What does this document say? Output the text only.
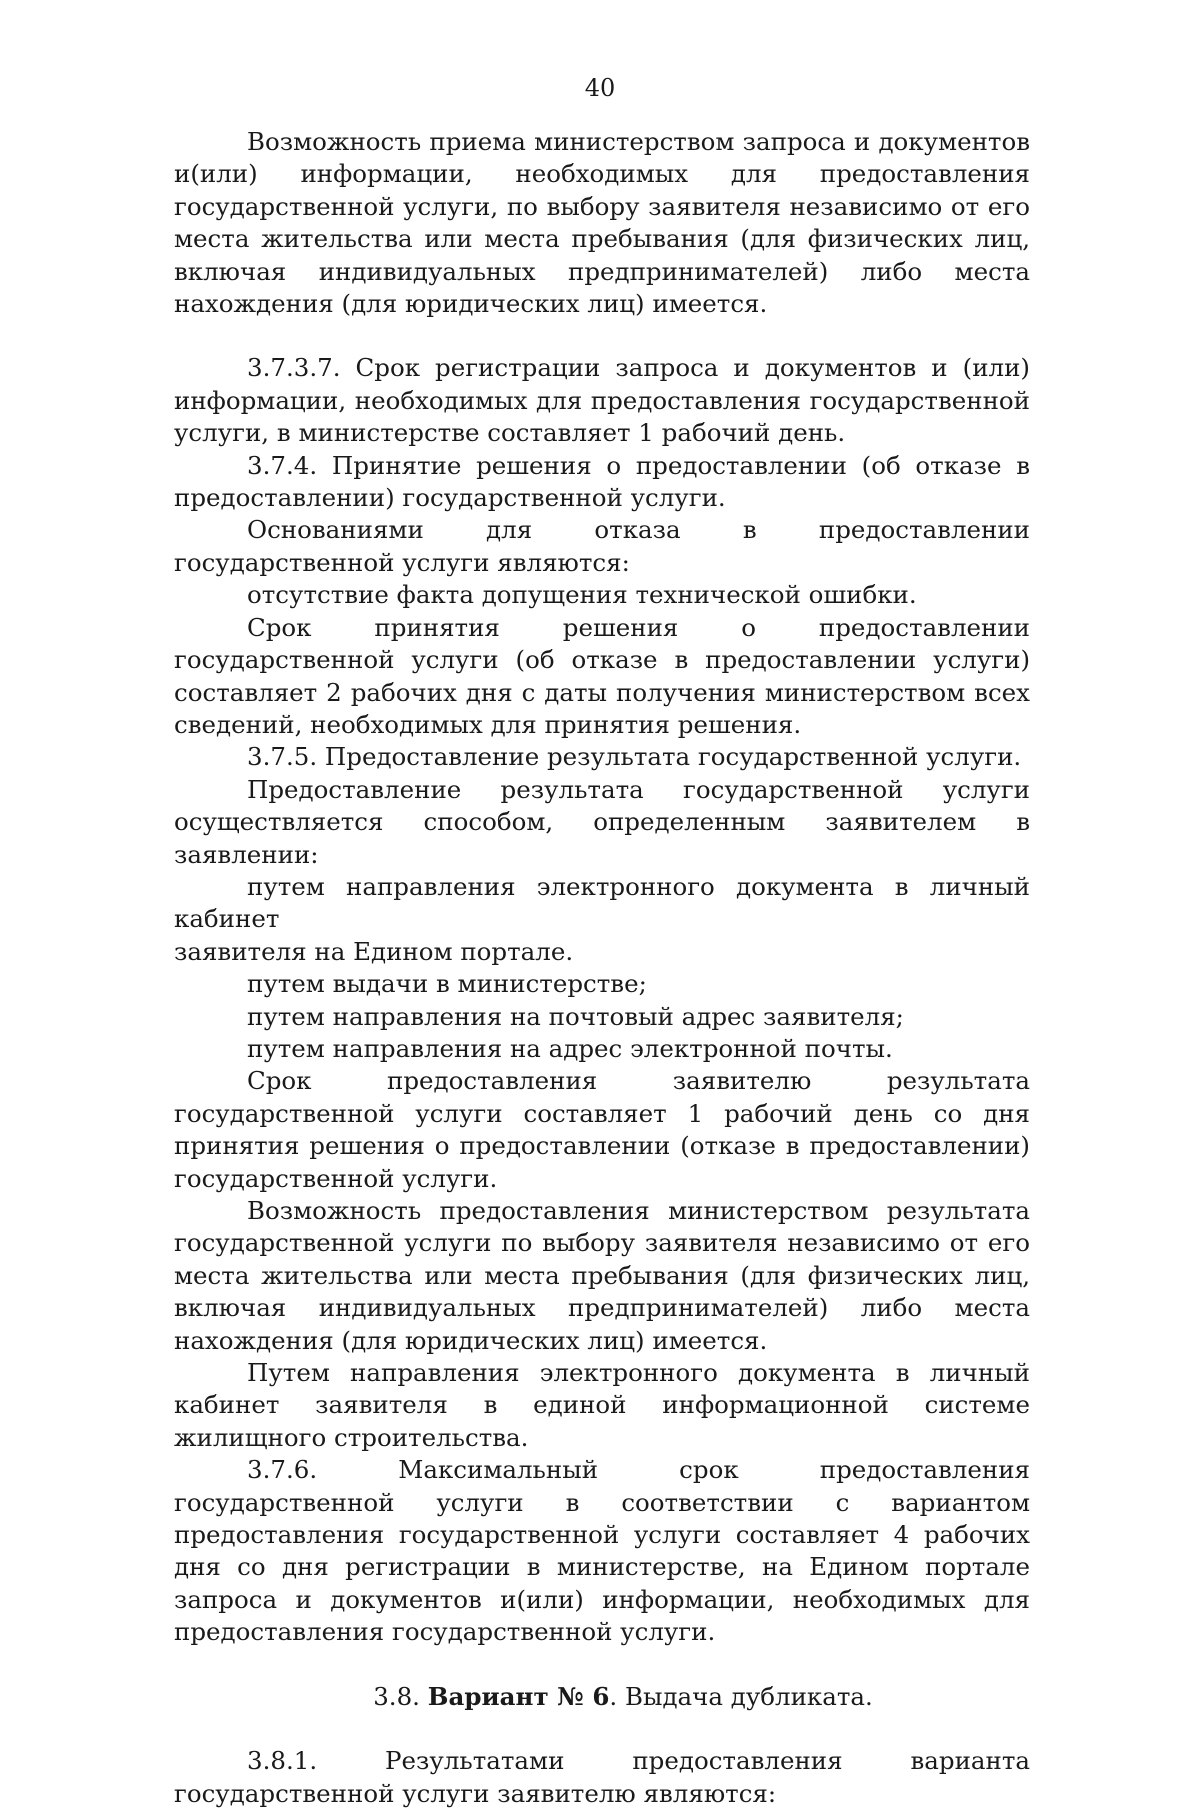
40

Возможность приема министерством запроса и документов и(или) информации, необходимых для предоставления государственной услуги, по выбору заявителя независимо от его места жительства или места пребывания (для физических лиц, включая индивидуальных предпринимателей) либо места нахождения (для юридических лиц) имеется.

3.7.3.7. Срок регистрации запроса и документов и (или) информации, необходимых для предоставления государственной услуги, в министерстве составляет 1 рабочий день.

3.7.4. Принятие решения о предоставлении (об отказе в предоставлении) государственной услуги.

Основаниями для отказа в предоставлении государственной услуги являются:

отсутствие факта допущения технической ошибки.

Срок принятия решения о предоставлении государственной услуги (об отказе в предоставлении услуги) составляет 2 рабочих дня с даты получения министерством всех сведений, необходимых для принятия решения.

3.7.5. Предоставление результата государственной услуги.

Предоставление результата государственной услуги осуществляется способом, определенным заявителем в заявлении:

путем направления электронного документа в личный кабинет

заявителя на Едином портале.

путем выдачи в министерстве;

путем направления на почтовый адрес заявителя;

путем направления на адрес электронной почты.

Срок предоставления заявителю результата государственной услуги составляет 1 рабочий день со дня принятия решения о предоставлении (отказе в предоставлении) государственной услуги.

Возможность предоставления министерством результата государственной услуги по выбору заявителя независимо от его места жительства или места пребывания (для физических лиц, включая индивидуальных предпринимателей) либо места нахождения (для юридических лиц) имеется.

Путем направления электронного документа в личный кабинет заявителя в единой информационной системе жилищного строительства.

3.7.6. Максимальный срок предоставления государственной услуги в соответствии с вариантом предоставления государственной услуги составляет 4 рабочих дня со дня регистрации в министерстве, на Едином портале запроса и документов и(или) информации, необходимых для предоставления государственной услуги.

3.8. Вариант № 6. Выдача дубликата.

3.8.1. Результатами предоставления варианта государственной услуги заявителю являются:
